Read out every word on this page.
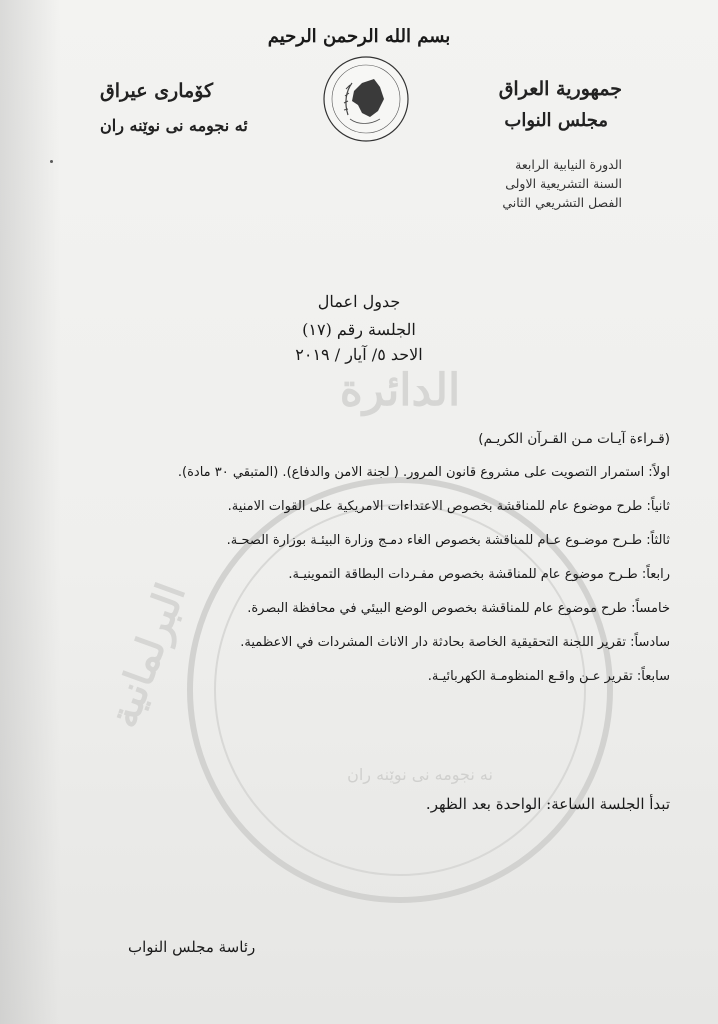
الدائرة
البرلمانية
نه نجومه نی نوێنه ران
بسم الله الرحمن الرحيم
جمهورية العراق
مجلس النواب
كۆماری عیراق
ئه نجومه نی نوێنه ران
الدورة النيابية الرابعة
السنة التشريعية الاولى
الفصل التشريعي الثاني
جدول اعمال
الجلسة رقم (١٧)
الاحد ٥/ آيار / ٢٠١٩
(قـراءة آيـات مـن القـرآن الكريـم)
اولاً: استمرار التصويت على مشروع قانون المرور. ( لجنة الامن والدفاع). (المتبقي ٣٠ مادة).
ثانياً: طرح موضوع عام للمناقشة بخصوص الاعتداءات الامريكية على القوات الامنية.
ثالثاً: طـرح موضـوع عـام للمناقشة بخصوص الغاء دمـج وزارة البيئـة بوزارة الصحـة.
رابعاً: طـرح موضوع عام للمناقشة بخصوص مفـردات البطاقة التموينيـة.
خامساً: طرح موضوع عام للمناقشة بخصوص الوضع البيئي في محافظة البصرة.
سادساً: تقرير اللجنة التحقيقية الخاصة بحادثة دار الاناث المشردات في الاعظمية.
سابعاً: تقرير عـن واقـع المنظومـة الكهربائيـة.
تبدأ الجلسة الساعة: الواحدة بعد الظهر.
رئاسة مجلس النواب
